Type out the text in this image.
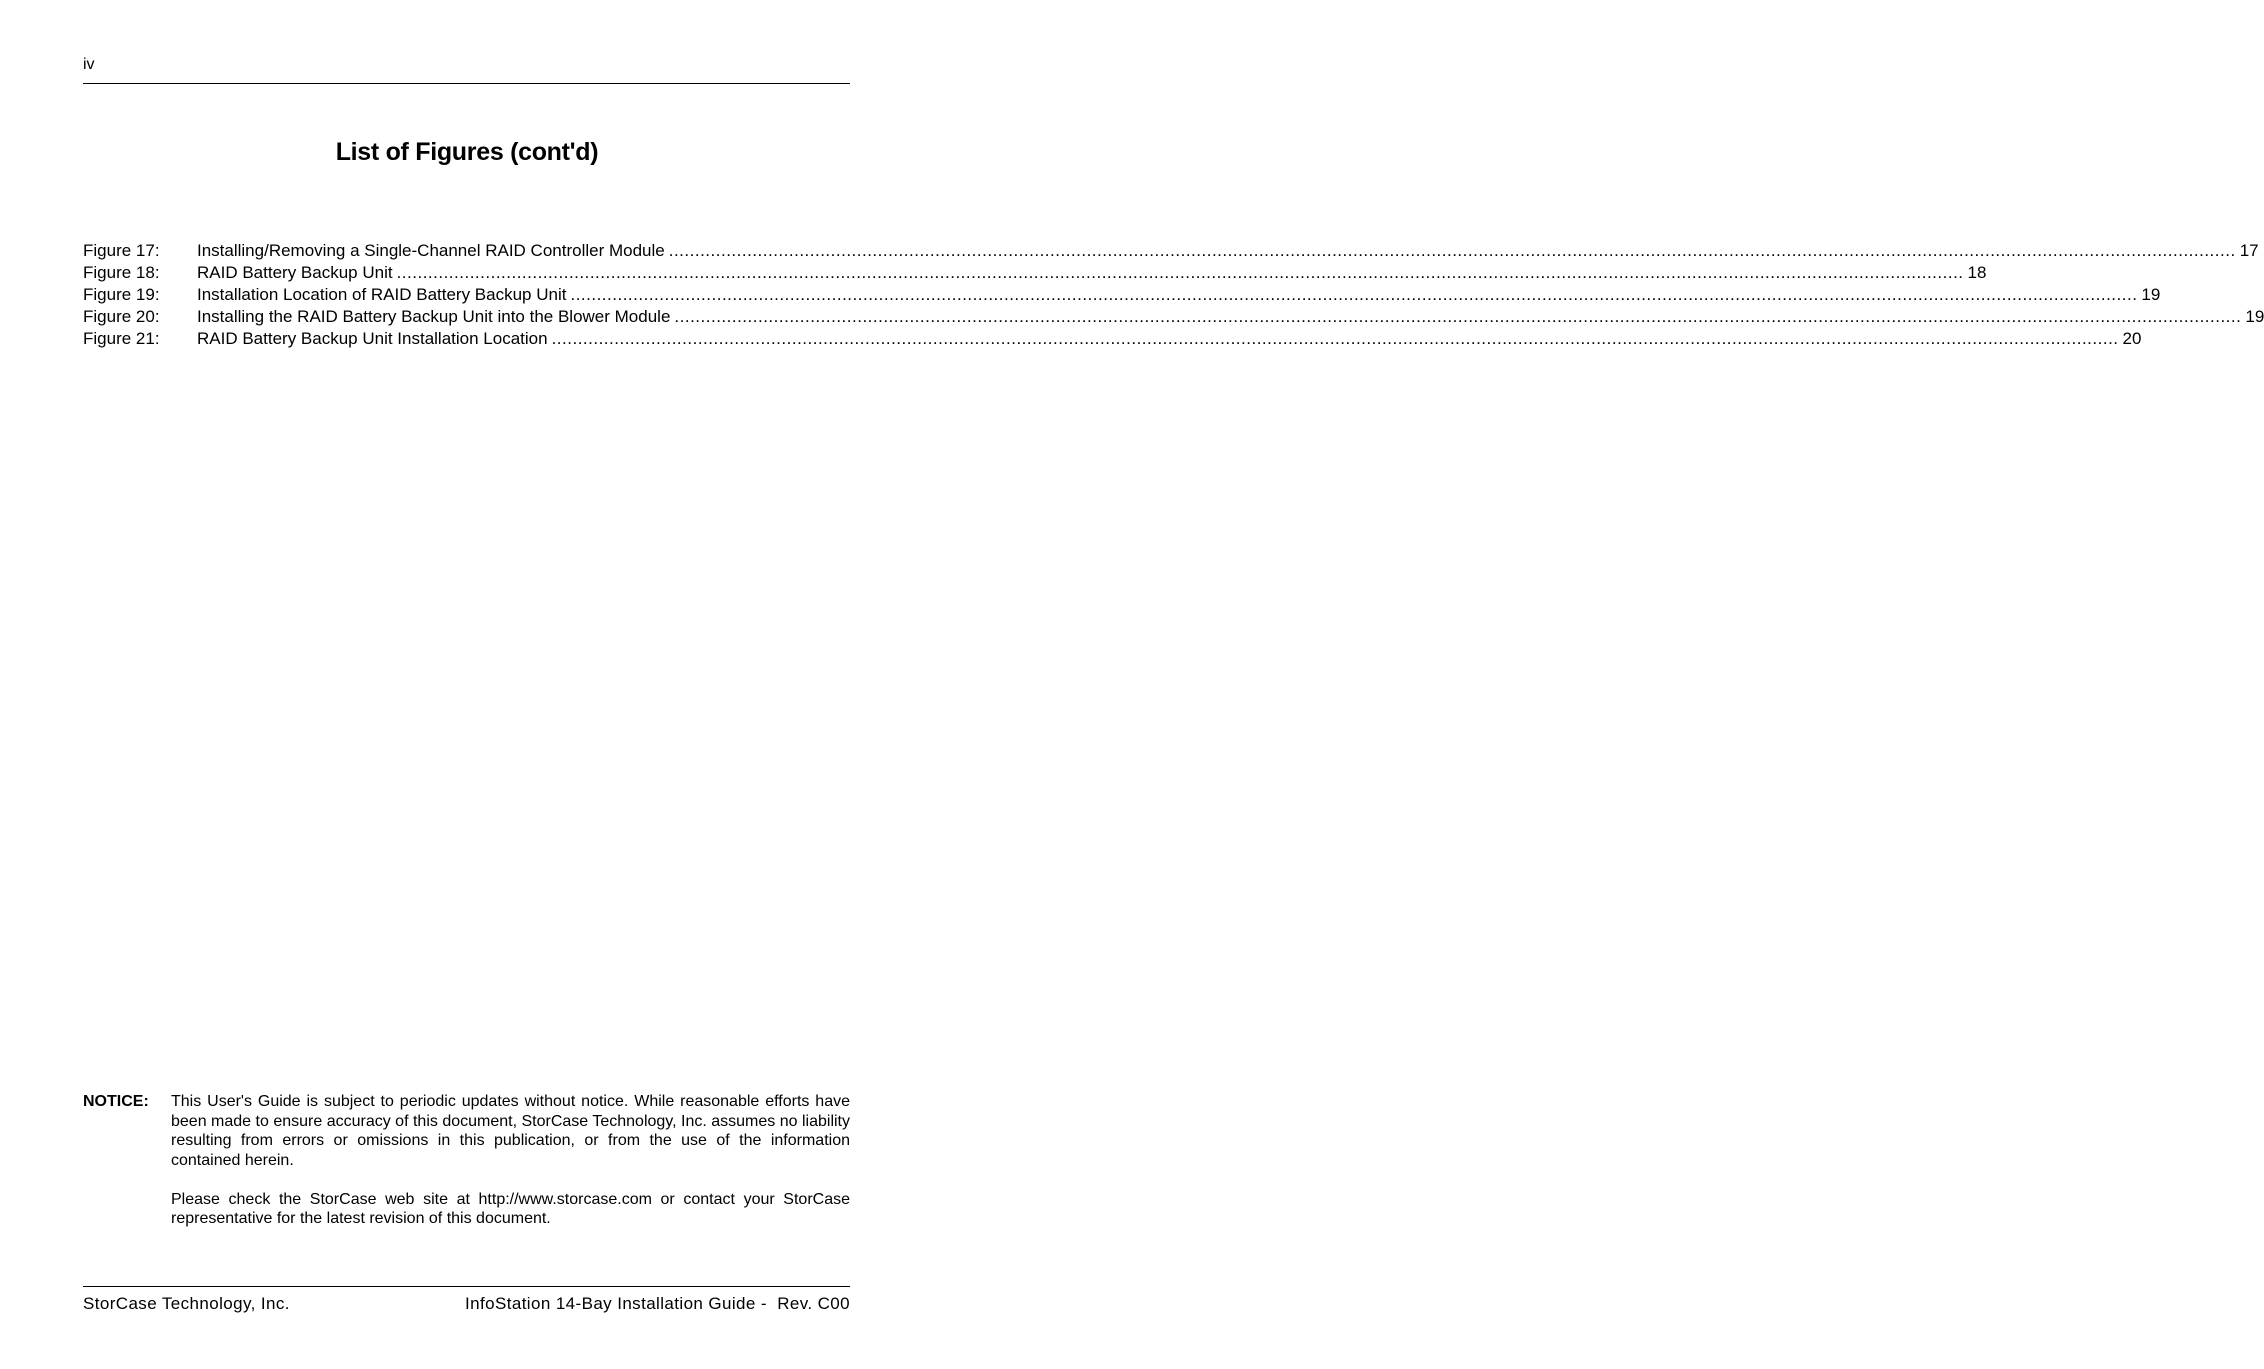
iv
List of Figures (cont'd)
Figure 17:	Installing/Removing a Single-Channel RAID Controller Module ............................................................................................................................................................................................................................................................................................................ 17
Figure 18:	RAID Battery Backup Unit ............................................................................................................................................................................................................................................................................................................ 18
Figure 19:	Installation Location of RAID Battery Backup Unit ............................................................................................................................................................................................................................................................................................................ 19
Figure 20:	Installing the RAID Battery Backup Unit into the Blower Module ............................................................................................................................................................................................................................................................................................................ 19
Figure 21:	RAID Battery Backup Unit Installation Location ............................................................................................................................................................................................................................................................................................................ 20
NOTICE: This User's Guide is subject to periodic updates without notice. While reasonable efforts have been made to ensure accuracy of this document, StorCase Technology, Inc. assumes no liability resulting from errors or omissions in this publication, or from the use of the information contained herein.

Please check the StorCase web site at http://www.storcase.com or contact your StorCase representative for the latest revision of this document.

StorCase Technology, Inc.	InfoStation 14-Bay Installation Guide -  Rev. C00
